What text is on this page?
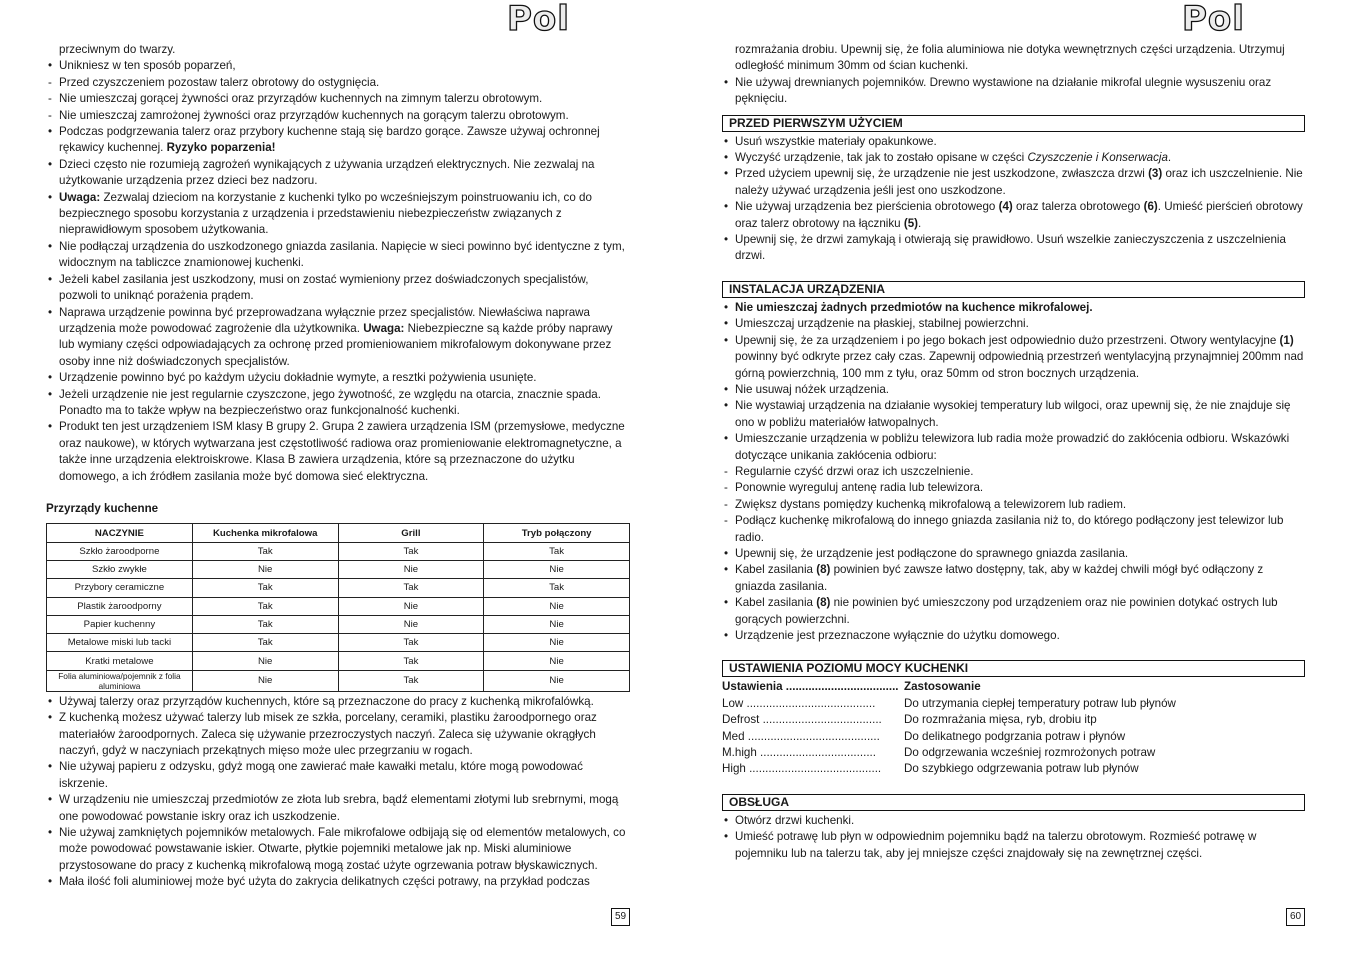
Pol
przeciwnym do twarzy.
• Unikniesz w ten sposób poparzeń,
- Przed czyszczeniem pozostaw talerz obrotowy do ostygnięcia.
- Nie umieszczaj gorącej żywności oraz przyrządów kuchennych na zimnym talerzu obrotowym.
- Nie umieszczaj zamrożonej żywności oraz przyrządów kuchennych na gorącym talerzu obrotowym.
• Podczas podgrzewania talerz oraz przybory kuchenne stają się bardzo gorące. Zawsze używaj ochronnej rękawicy kuchennej. Ryzyko poparzenia!
• Dzieci często nie rozumieją zagrożeń wynikających z używania urządzeń elektrycznych. Nie zezwalaj na użytkowanie urządzenia przez dzieci bez nadzoru.
• Uwaga: Zezwalaj dzieciom na korzystanie z kuchenki tylko po wcześniejszym poinstruowaniu ich, co do bezpiecznego sposobu korzystania z urządzenia i przedstawieniu niebezpieczeństw związanych z nieprawidłowym sposobem użytkowania.
• Nie podłączaj urządzenia do uszkodzonego gniazda zasilania. Napięcie w sieci powinno być identyczne z tym, widocznym na tabliczce znamionowej kuchenki.
• Jeżeli kabel zasilania jest uszkodzony, musi on zostać wymieniony przez doświadczonych specjalistów, pozwoli to uniknąć porażenia prądem.
• Naprawa urządzenie powinna być przeprowadzana wyłącznie przez specjalistów. Niewłaściwa naprawa urządzenia może powodować zagrożenie dla użytkownika. Uwaga: Niebezpieczne są każde próby naprawy lub wymiany części odpowiadających za ochronę przed promieniowaniem mikrofalowym dokonywane przez osoby inne niż doświadczonych specjalistów.
• Urządzenie powinno być po każdym użyciu dokładnie wymyte, a resztki pożywienia usunięte.
• Jeżeli urządzenie nie jest regularnie czyszczone, jego żywotność, ze względu na otarcia, znacznie spada. Ponadto ma to także wpływ na bezpieczeństwo oraz funkcjonalność kuchenki.
• Produkt ten jest urządzeniem ISM klasy B grupy 2. Grupa 2 zawiera urządzenia ISM (przemysłowe, medyczne oraz naukowe), w których wytwarzana jest częstotliwość radiowa oraz promieniowanie elektromagnetyczne, a także inne urządzenia elektroiskrowe. Klasa B zawiera urządzenia, które są przeznaczone do użytku domowego, a ich źródłem zasilania może być domowa sieć elektryczna.
Przyrządy kuchenne
NACZYNIE	Kuchenka mikrofalowa	Grill	Tryb połączony
Szkło żaroodporne	Tak	Tak	Tak
Szkło zwykłe	Nie	Nie	Nie
Przybory ceramiczne	Tak	Tak	Tak
Plastik żaroodporny	Tak	Nie	Nie
Papier kuchenny	Tak	Nie	Nie
Metalowe miski lub tacki	Tak	Tak	Nie
Kratki metalowe	Nie	Tak	Nie
Folia aluminiowa/pojemnik z folia aluminiowa	Nie	Tak	Nie
• Używaj talerzy oraz przyrządów kuchennych, które są przeznaczone do pracy z kuchenką mikrofalówką.
• Z kuchenką możesz używać talerzy lub misek ze szkła, porcelany, ceramiki, plastiku żaroodpornego oraz materiałów żaroodpornych. Zaleca się używanie przezroczystych naczyń. Zaleca się używanie okrągłych naczyń, gdyż w naczyniach przekątnych mięso może ulec przegrzaniu w rogach.
• Nie używaj papieru z odzysku, gdyż mogą one zawierać małe kawałki metalu, które mogą powodować iskrzenie.
• W urządzeniu nie umieszczaj przedmiotów ze złota lub srebra, bądź elementami złotymi lub srebrnymi, mogą one powodować powstanie iskry oraz ich uszkodzenie.
• Nie używaj zamkniętych pojemników metalowych. Fale mikrofalowe odbijają się od elementów metalowych, co może powodować powstawanie iskier. Otwarte, płytkie pojemniki metalowe jak np. Miski aluminiowe przystosowane do pracy z kuchenką mikrofalową mogą zostać użyte ogrzewania potraw błyskawicznych.
• Mała ilość foli aluminiowej może być użyta do zakrycia delikatnych części potrawy, na przykład podczas
59
Pol
rozmrażania drobiu. Upewnij się, że folia aluminiowa nie dotyka wewnętrznych części urządzenia. Utrzymuj odległość minimum 30mm od ścian kuchenki.
• Nie używaj drewnianych pojemników. Drewno wystawione na działanie mikrofal ulegnie wysuszeniu oraz pęknięciu.
PRZED PIERWSZYM UŻYCIEM
• Usuń wszystkie materiały opakunkowe.
• Wyczyść urządzenie, tak jak to zostało opisane w części Czyszczenie i Konserwacja.
• Przed użyciem upewnij się, że urządzenie nie jest uszkodzone, zwłaszcza drzwi (3) oraz ich uszczelnienie. Nie należy używać urządzenia jeśli jest ono uszkodzone.
• Nie używaj urządzenia bez pierścienia obrotowego (4) oraz talerza obrotowego (6). Umieść pierścień obrotowy oraz talerz obrotowy na łączniku (5).
• Upewnij się, że drzwi zamykają i otwierają się prawidłowo. Usuń wszelkie zanieczyszczenia z uszczelnienia drzwi.
INSTALACJA URZĄDZENIA
• Nie umieszczaj żadnych przedmiotów na kuchence mikrofalowej.
• Umieszczaj urządzenie na płaskiej, stabilnej powierzchni.
• Upewnij się, że za urządzeniem i po jego bokach jest odpowiednio dużo przestrzeni. Otwory wentylacyjne (1) powinny być odkryte przez cały czas. Zapewnij odpowiednią przestrzeń wentylacyjną przynajmniej 200mm nad górną powierzchnią, 100 mm z tyłu, oraz 50mm od stron bocznych urządzenia.
• Nie usuwaj nóżek urządzenia.
• Nie wystawiaj urządzenia na działanie wysokiej temperatury lub wilgoci, oraz upewnij się, że nie znajduje się ono w pobliżu materiałów łatwopalnych.
• Umieszczanie urządzenia w pobliżu telewizora lub radia może prowadzić do zakłócenia odbioru. Wskazówki dotyczące unikania zakłócenia odbioru:
- Regularnie czyść drzwi oraz ich uszczelnienie.
- Ponownie wyreguluj antenę radia lub telewizora.
- Zwiększ dystans pomiędzy kuchenką mikrofalową a telewizorem lub radiem.
- Podłącz kuchenkę mikrofalową do innego gniazda zasilania niż to, do którego podłączony jest telewizor lub radio.
• Upewnij się, że urządzenie jest podłączone do sprawnego gniazda zasilania.
• Kabel zasilania (8) powinien być zawsze łatwo dostępny, tak, aby w każdej chwili mógł być odłączony z gniazda zasilania.
• Kabel zasilania (8) nie powinien być umieszczony pod urządzeniem oraz nie powinien dotykać ostrych lub gorących powierzchni.
• Urządzenie jest przeznaczone wyłącznie do użytku domowego.
USTAWIENIA POZIOMU MOCY KUCHENKI
Ustawienia ................................... Zastosowanie
Low ........................................	Do utrzymania ciepłej temperatury potraw lub płynów
Defrost .....................................	Do rozmrażania mięsa, ryb, drobiu itp
Med .........................................	Do delikatnego podgrzania potraw i płynów
M.high ....................................	Do odgrzewania wcześniej rozmrożonych potraw
High .........................................	Do szybkiego odgrzewania potraw lub płynów
OBSŁUGA
• Otwórz drzwi kuchenki.
• Umieść potrawę lub płyn w odpowiednim pojemniku bądź na talerzu obrotowym. Rozmieść potrawę w pojemniku lub na talerzu tak, aby jej mniejsze części znajdowały się na zewnętrznej części.
60
